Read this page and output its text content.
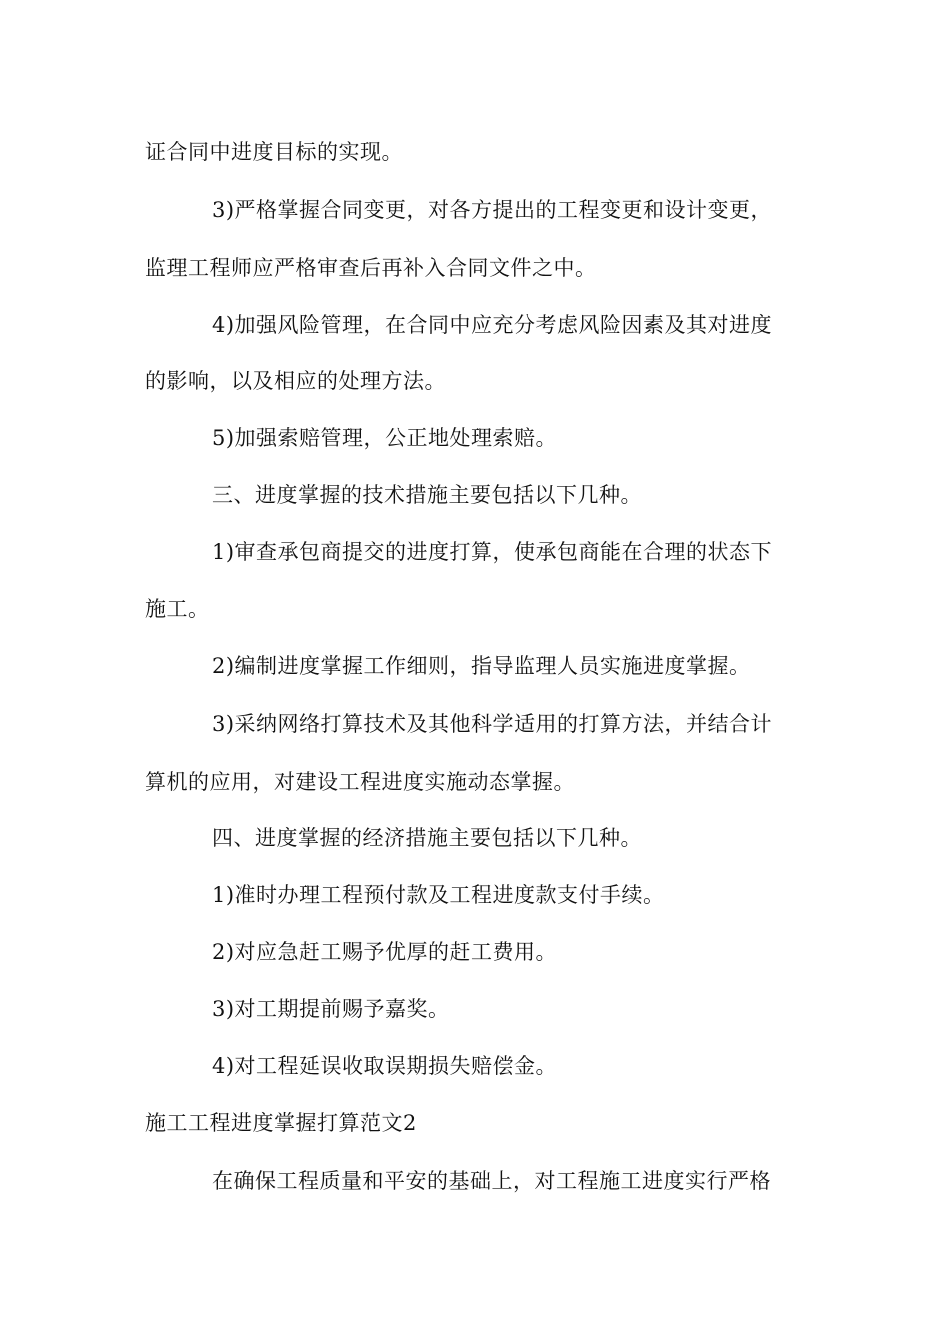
证合同中进度目标的实现。
3)严格掌握合同变更，对各方提出的工程变更和设计变更，
监理工程师应严格审查后再补入合同文件之中。
4)加强风险管理，在合同中应充分考虑风险因素及其对进度
的影响，以及相应的处理方法。
5)加强索赔管理，公正地处理索赔。
三、进度掌握的技术措施主要包括以下几种。
1)审查承包商提交的进度打算，使承包商能在合理的状态下
施工。
2)编制进度掌握工作细则，指导监理人员实施进度掌握。
3)采纳网络打算技术及其他科学适用的打算方法，并结合计
算机的应用，对建设工程进度实施动态掌握。
四、进度掌握的经济措施主要包括以下几种。
1)准时办理工程预付款及工程进度款支付手续。
2)对应急赶工赐予优厚的赶工费用。
3)对工期提前赐予嘉奖。
4)对工程延误收取误期损失赔偿金。
施工工程进度掌握打算范文2
在确保工程质量和平安的基础上，对工程施工进度实行严格
